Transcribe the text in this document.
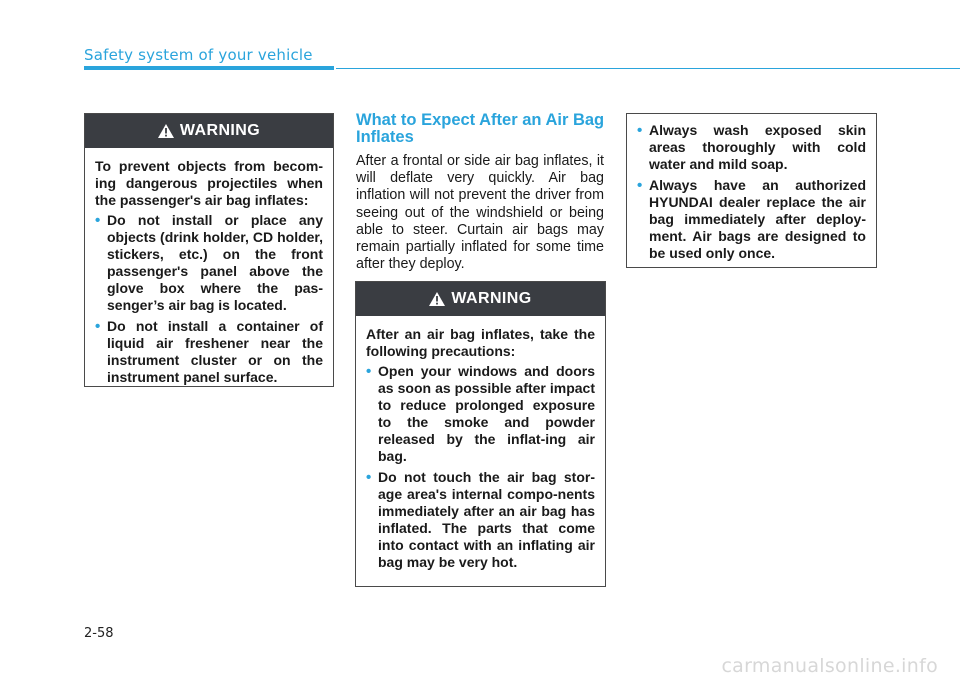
Safety system of your vehicle
WARNING

To prevent objects from becom-ing dangerous projectiles when the passenger's air bag inflates:

• Do not install or place any objects (drink holder, CD holder, stickers, etc.) on the front passenger's panel above the glove box where the pas-senger’s air bag is located.
• Do not install a container of liquid air freshener near the instrument cluster or on the instrument panel surface.
What to Expect After an Air Bag Inflates
After a frontal or side air bag inflates, it will deflate very quickly. Air bag inflation will not prevent the driver from seeing out of the windshield or being able to steer. Curtain air bags may remain partially inflated for some time after they deploy.
WARNING

After an air bag inflates, take the following precautions:

• Open your windows and doors as soon as possible after impact to reduce prolonged exposure to the smoke and powder released by the inflat-ing air bag.
• Do not touch the air bag stor-age area's internal compo-nents immediately after an air bag has inflated. The parts that come into contact with an inflating air bag may be very hot.
• Always wash exposed skin areas thoroughly with cold water and mild soap.
• Always have an authorized HYUNDAI dealer replace the air bag immediately after deploy-ment. Air bags are designed to be used only once.
2-58
carmanualsonline.info
